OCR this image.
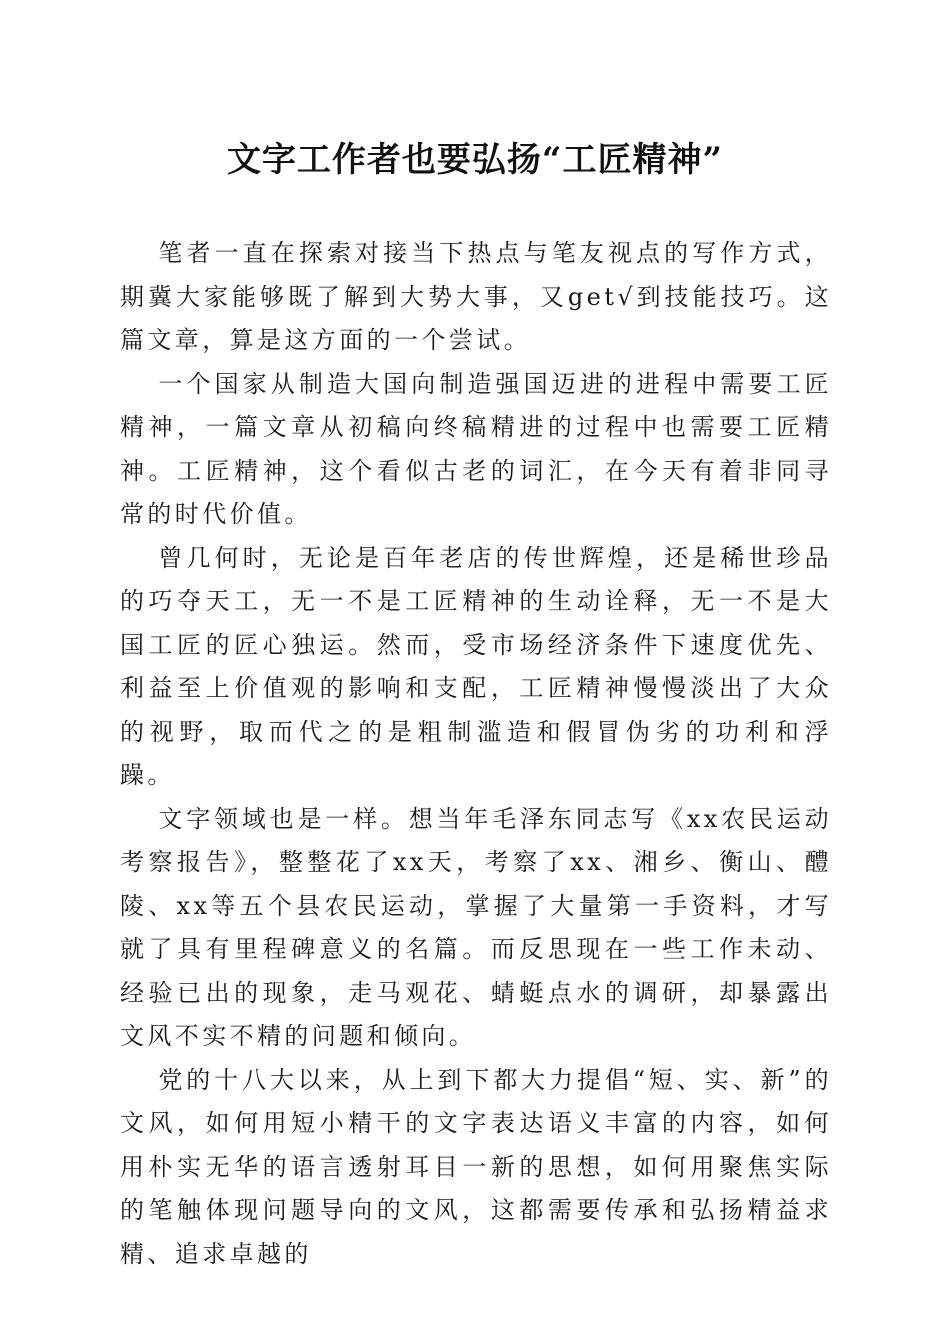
文字工作者也要弘扬“工匠精神”

笔者一直在探索对接当下热点与笔友视点的写作方式，期冀大家能够既了解到大势大事，又get√到技能技巧。这篇文章，算是这方面的一个尝试。

一个国家从制造大国向制造强国迈进的进程中需要工匠精神，一篇文章从初稿向终稿精进的过程中也需要工匠精神。工匠精神，这个看似古老的词汇，在今天有着非同寻常的时代价值。

曾几何时，无论是百年老店的传世辉煌，还是稀世珍品的巧夺天工，无一不是工匠精神的生动诠释，无一不是大国工匠的匠心独运。然而，受市场经济条件下速度优先、利益至上价值观的影响和支配，工匠精神慢慢淡出了大众的视野，取而代之的是粗制滥造和假冒伪劣的功利和浮躁。

文字领域也是一样。想当年毛泽东同志写《xx农民运动考察报告》，整整花了xx天，考察了xx、湘乡、衡山、醴陵、xx等五个县农民运动，掌握了大量第一手资料，才写就了具有里程碑意义的名篇。而反思现在一些工作未动、经验已出的现象，走马观花、蜻蜓点水的调研，却暴露出文风不实不精的问题和倾向。

党的十八大以来，从上到下都大力提倡“短、实、新”的文风，如何用短小精干的文字表达语义丰富的内容，如何用朴实无华的语言透射耳目一新的思想，如何用聚焦实际的笔触体现问题导向的文风，这都需要传承和弘扬精益求精、追求卓越的
